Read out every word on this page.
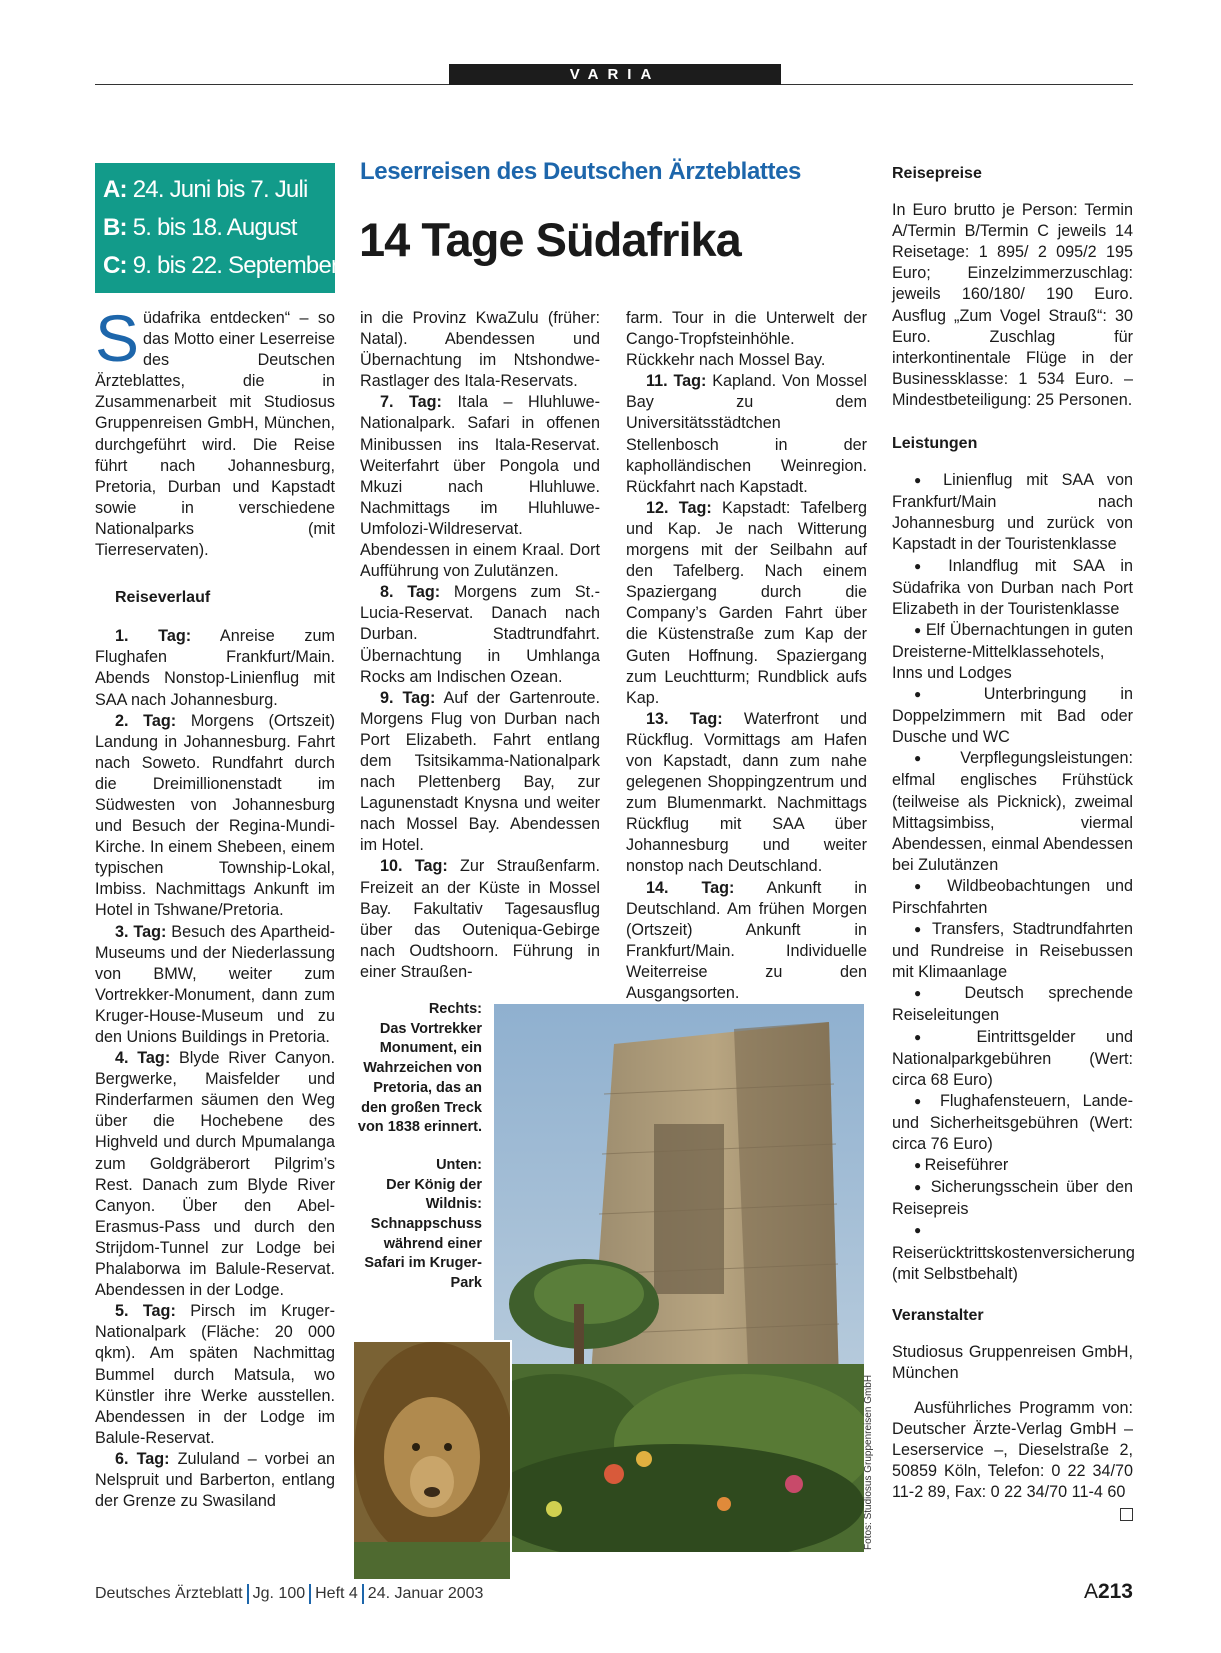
VARIA
A: 24. Juni bis 7. Juli
B: 5. bis 18. August
C: 9. bis 22. September
Leserreisen des Deutschen Ärzteblattes
14 Tage Südafrika

Südafrika entdecken“ – so das Motto einer Leserreise des Deutschen Ärzteblattes, die in Zusammenarbeit mit Studiosus Gruppenreisen GmbH, München, durchgeführt wird. Die Reise führt nach Johannesburg, Pretoria, Durban und Kapstadt sowie in verschiedene Nationalparks (mit Tierreservaten).

Reiseverlauf

1. Tag: Anreise zum Flughafen Frankfurt/Main. Abends Nonstop-Linienflug mit SAA nach Johannesburg.

2. Tag: Morgens (Ortszeit) Landung in Johannesburg. Fahrt nach Soweto. Rundfahrt durch die Dreimillionenstadt im Südwesten von Johannesburg und Besuch der Regina-Mundi-Kirche. In einem Shebeen, einem typischen Township-Lokal, Imbiss. Nachmittags Ankunft im Hotel in Tshwane/Pretoria.

3. Tag: Besuch des Apartheid-Museums und der Niederlassung von BMW, weiter zum Vortrekker-Monument, dann zum Kruger-House-Museum und zu den Unions Buildings in Pretoria.

4. Tag: Blyde River Canyon. Bergwerke, Maisfelder und Rinderfarmen säumen den Weg über die Hochebene des Highveld und durch Mpumalanga zum Goldgräberort Pilgrim’s Rest. Danach zum Blyde River Canyon. Über den Abel-Erasmus-Pass und durch den Strijdom-Tunnel zur Lodge bei Phalaborwa im Balule-Reservat. Abendessen in der Lodge.

5. Tag: Pirsch im Kruger-Nationalpark (Fläche: 20 000 qkm). Am späten Nachmittag Bummel durch Matsula, wo Künstler ihre Werke ausstellen. Abendessen in der Lodge im Balule-Reservat.

6. Tag: Zululand – vorbei an Nelspruit und Barberton, entlang der Grenze zu Swasiland

in die Provinz KwaZulu (früher: Natal). Abendessen und Übernachtung im Ntshondwe-Rastlager des Itala-Reservats.

7. Tag: Itala – Hluhluwe-Nationalpark. Safari in offenen Minibussen ins Itala-Reservat. Weiterfahrt über Pongola und Mkuzi nach Hluhluwe. Nachmittags im Hluhluwe-Umfolozi-Wildreservat. Abendessen in einem Kraal. Dort Aufführung von Zulutänzen.

8. Tag: Morgens zum St.-Lucia-Reservat. Danach nach Durban. Stadtrundfahrt. Übernachtung in Umhlanga Rocks am Indischen Ozean.

9. Tag: Auf der Gartenroute. Morgens Flug von Durban nach Port Elizabeth. Fahrt entlang dem Tsitsikamma-Nationalpark nach Plettenberg Bay, zur Lagunenstadt Knysna und weiter nach Mossel Bay. Abendessen im Hotel.

10. Tag: Zur Straußenfarm. Freizeit an der Küste in Mossel Bay. Fakultativ Tagesausflug über das Outeniqua-Gebirge nach Oudtshoorn. Führung in einer Straußen-

farm. Tour in die Unterwelt der Cango-Tropfsteinhöhle. Rückkehr nach Mossel Bay.

11. Tag: Kapland. Von Mossel Bay zu dem Universitätsstädtchen Stellenbosch in der kapholländischen Weinregion. Rückfahrt nach Kapstadt.

12. Tag: Kapstadt: Tafelberg und Kap. Je nach Witterung morgens mit der Seilbahn auf den Tafelberg. Nach einem Spaziergang durch die Company’s Garden Fahrt über die Küstenstraße zum Kap der Guten Hoffnung. Spaziergang zum Leuchtturm; Rundblick aufs Kap.

13. Tag: Waterfront und Rückflug. Vormittags am Hafen von Kapstadt, dann zum nahe gelegenen Shoppingzentrum und zum Blumenmarkt. Nachmittags Rückflug mit SAA über Johannesburg und weiter nonstop nach Deutschland.

14. Tag: Ankunft in Deutschland. Am frühen Morgen (Ortszeit) Ankunft in Frankfurt/Main. Individuelle Weiterreise zu den Ausgangsorten.

Reisepreise

In Euro brutto je Person: Termin A/Termin B/Termin C jeweils 14 Reisetage: 1 895/ 2 095/2 195 Euro; Einzelzimmerzuschlag: jeweils 160/180/ 190 Euro. Ausflug „Zum Vogel Strauß“: 30 Euro. Zuschlag für interkontinentale Flüge in der Businessklasse: 1 534 Euro. – Mindestbeteiligung: 25 Personen.

Leistungen

● Linienflug mit SAA von Frankfurt/Main nach Johannesburg und zurück von Kapstadt in der Touristenklasse

● Inlandflug mit SAA in Südafrika von Durban nach Port Elizabeth in der Touristenklasse

● Elf Übernachtungen in guten Dreisterne-Mittelklassehotels, Inns und Lodges

● Unterbringung in Doppelzimmern mit Bad oder Dusche und WC

● Verpflegungsleistungen: elfmal englisches Frühstück (teilweise als Picknick), zweimal Mittagsimbiss, viermal Abendessen, einmal Abendessen bei Zulutänzen

● Wildbeobachtungen und Pirschfahrten

● Transfers, Stadtrundfahrten und Rundreise in Reisebussen mit Klimaanlage

● Deutsch sprechende Reiseleitungen

● Eintrittsgelder und Nationalparkgebühren (Wert: circa 68 Euro)

● Flughafensteuern, Lande- und Sicherheitsgebühren (Wert: circa 76 Euro)

● Reiseführer

● Sicherungsschein über den Reisepreis

● Reiserücktrittskostenversicherung (mit Selbstbehalt)

Veranstalter

Studiosus Gruppenreisen GmbH, München

Ausführliches Programm von: Deutscher Ärzte-Verlag GmbH – Leserservice –, Dieselstraße 2, 50859 Köln, Telefon: 0 22 34/70 11-2 89, Fax: 0 22 34/70 11-4 60

Rechts:
Das Vortrekker Monument, ein Wahrzeichen von Pretoria, das an den großen Treck von 1838 erinnert.
Unten:
Der König der Wildnis: Schnappschuss während einer Safari im Kruger-Park
Fotos: Studiosus Gruppenreisen GmbH
Deutsches Ärzteblatt Jg. 100 Heft 4 24. Januar 2003	A213
